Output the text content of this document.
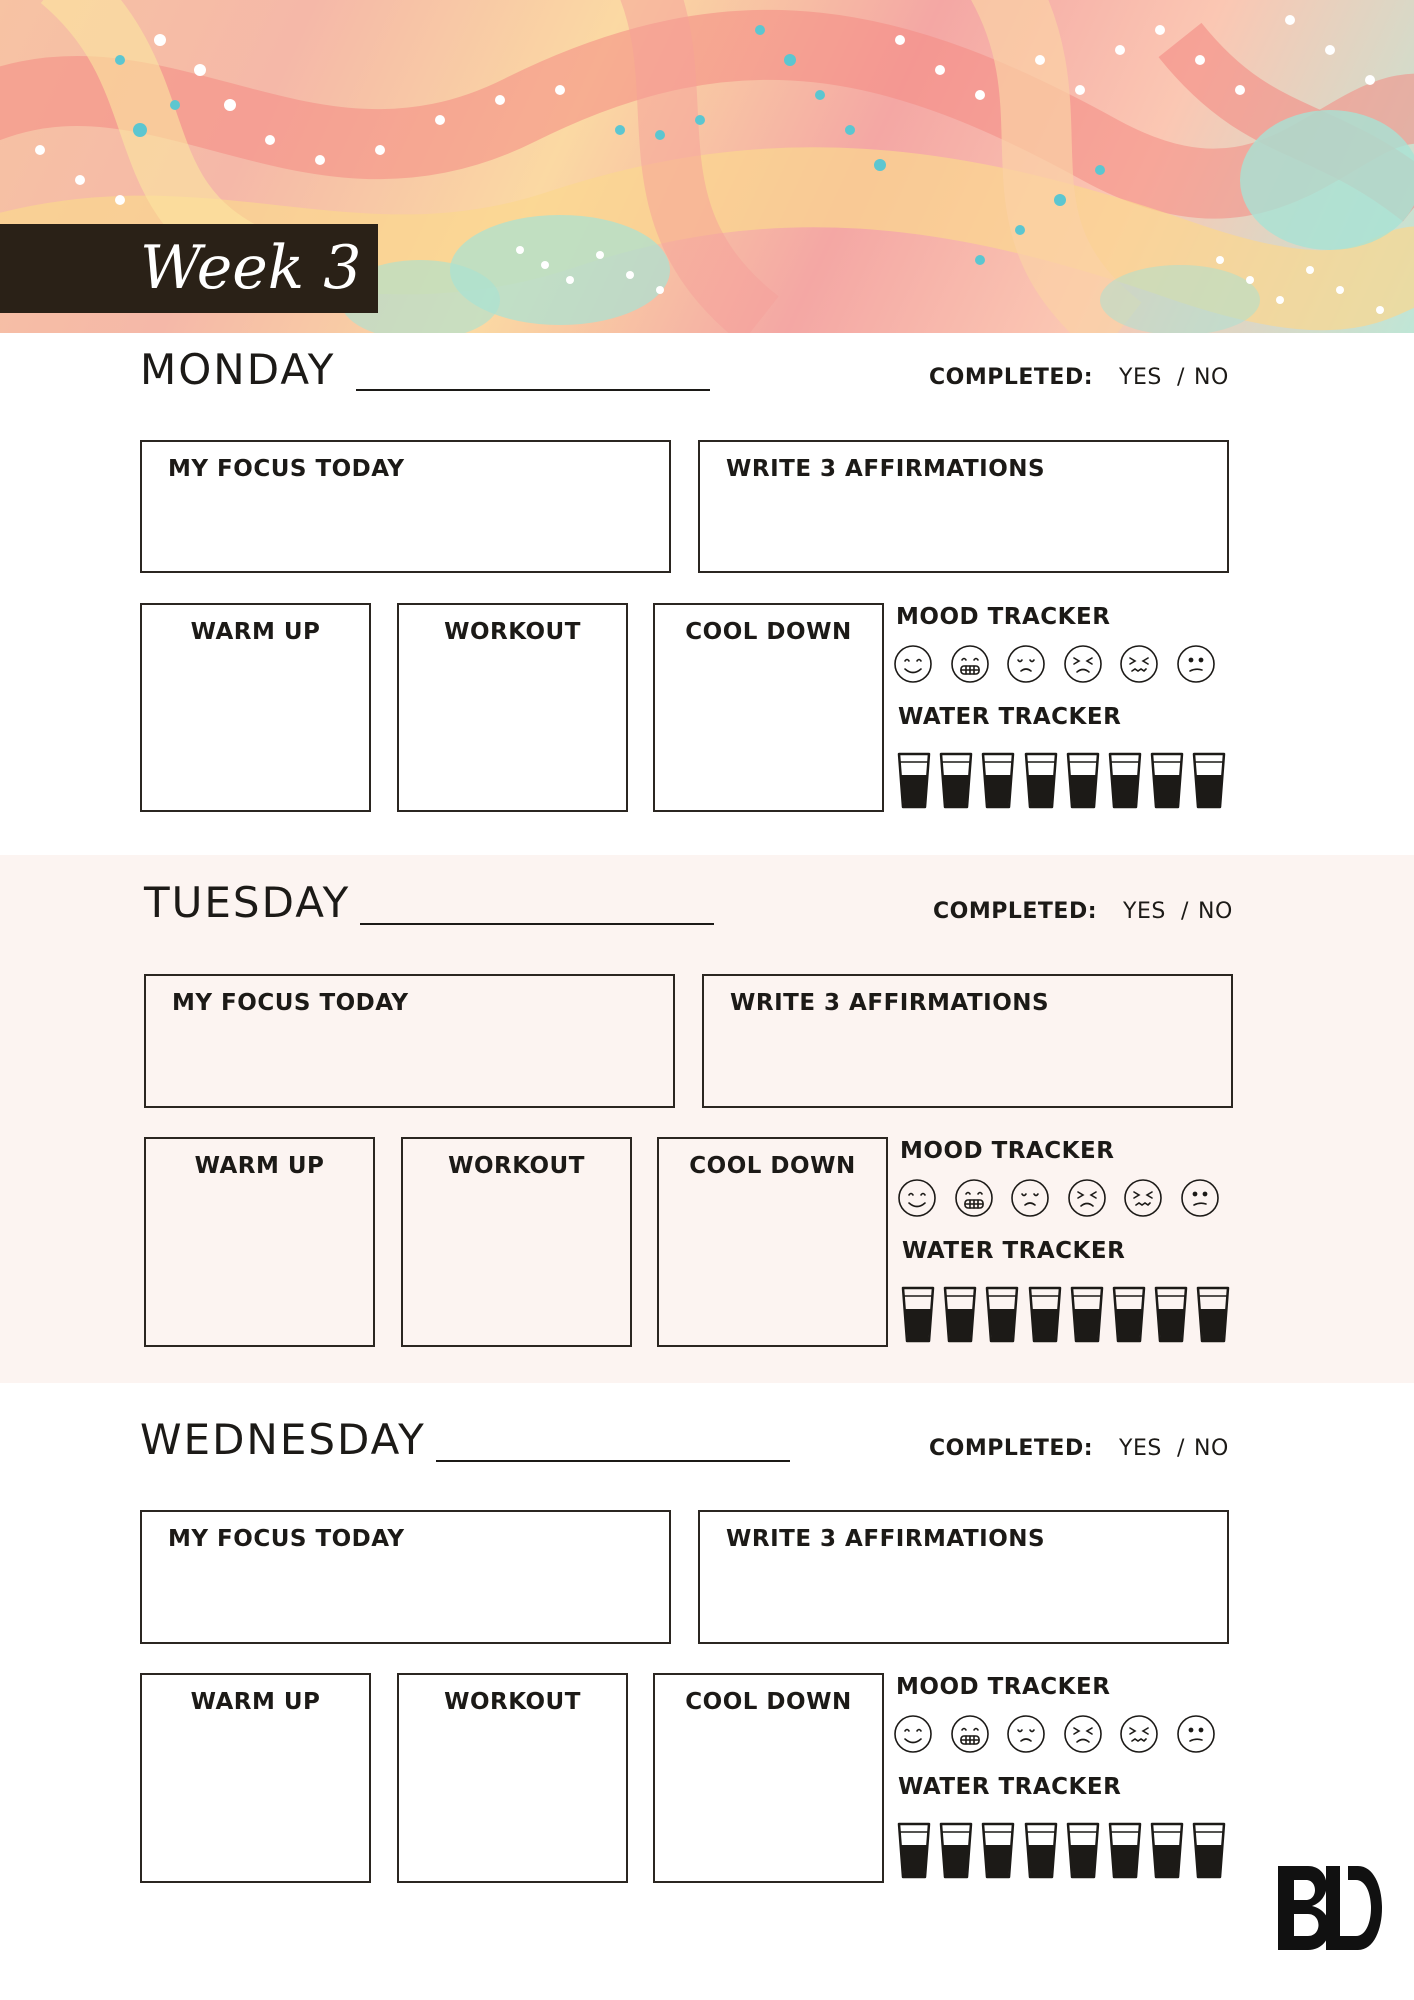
Week 3
MONDAY	COMPLETED: YES / NO
MY FOCUS TODAY	WRITE 3 AFFIRMATIONS
WARM UP	WORKOUT	COOL DOWN
MOOD TRACKER
WATER TRACKER
TUESDAY	COMPLETED: YES / NO
MY FOCUS TODAY	WRITE 3 AFFIRMATIONS
WARM UP	WORKOUT	COOL DOWN
MOOD TRACKER
WATER TRACKER
WEDNESDAY	COMPLETED: YES / NO
MY FOCUS TODAY	WRITE 3 AFFIRMATIONS
WARM UP	WORKOUT	COOL DOWN
MOOD TRACKER
WATER TRACKER
